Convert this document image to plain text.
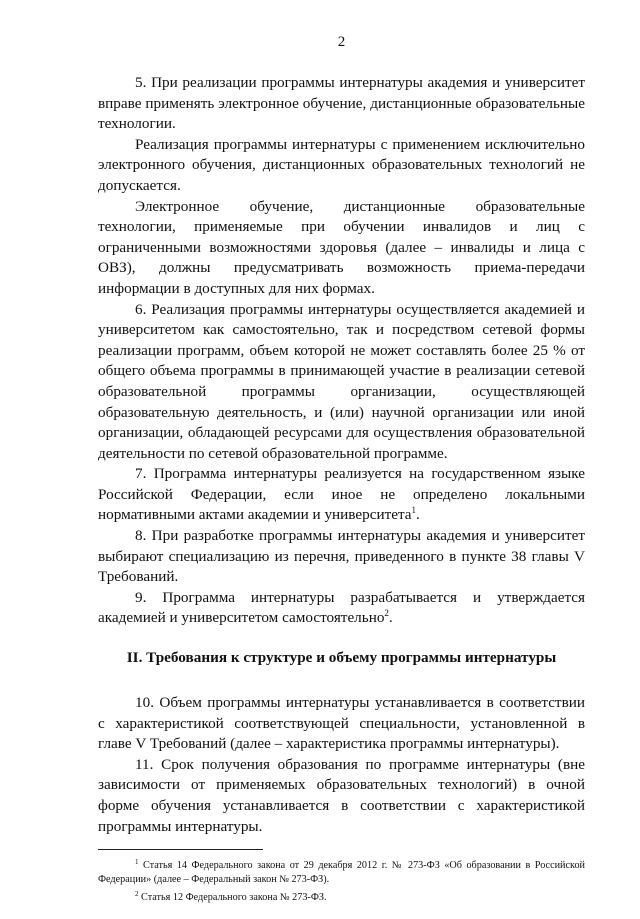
2

5. При реализации программы интернатуры академия и университет вправе применять электронное обучение, дистанционные образовательные технологии.

Реализация программы интернатуры с применением исключительно электронного обучения, дистанционных образовательных технологий не допускается.

Электронное обучение, дистанционные образовательные технологии, применяемые при обучении инвалидов и лиц с ограниченными возможностями здоровья (далее – инвалиды и лица с ОВЗ), должны предусматривать возможность приема-передачи информации в доступных для них формах.

6. Реализация программы интернатуры осуществляется академией и университетом как самостоятельно, так и посредством сетевой формы реализации программ, объем которой не может составлять более 25 % от общего объема программы в принимающей участие в реализации сетевой образовательной программы организации, осуществляющей образовательную деятельность, и (или) научной организации или иной организации, обладающей ресурсами для осуществления образовательной деятельности по сетевой образовательной программе.

7. Программа интернатуры реализуется на государственном языке Российской Федерации, если иное не определено локальными нормативными актами академии и университета$^1$.

8. При разработке программы интернатуры академия и университет выбирают специализацию из перечня, приведенного в пункте 38 главы V Требований.

9. Программа интернатуры разрабатывается и утверждается академией и университетом самостоятельно$^2$.

II. Требования к структуре и объему программы интернатуры

10. Объем программы интернатуры устанавливается в соответствии с характеристикой соответствующей специальности, установленной в главе V Требований (далее – характеристика программы интернатуры).

11. Срок получения образования по программе интернатуры (вне зависимости от применяемых образовательных технологий) в очной форме обучения устанавливается в соответствии с характеристикой программы интернатуры.

$^1$ Статья 14 Федерального закона от 29 декабря 2012 г. № 273-ФЗ «Об образовании в Российской Федерации» (далее – Федеральный закон № 273-ФЗ).

$^2$ Статья 12 Федерального закона № 273-ФЗ.
